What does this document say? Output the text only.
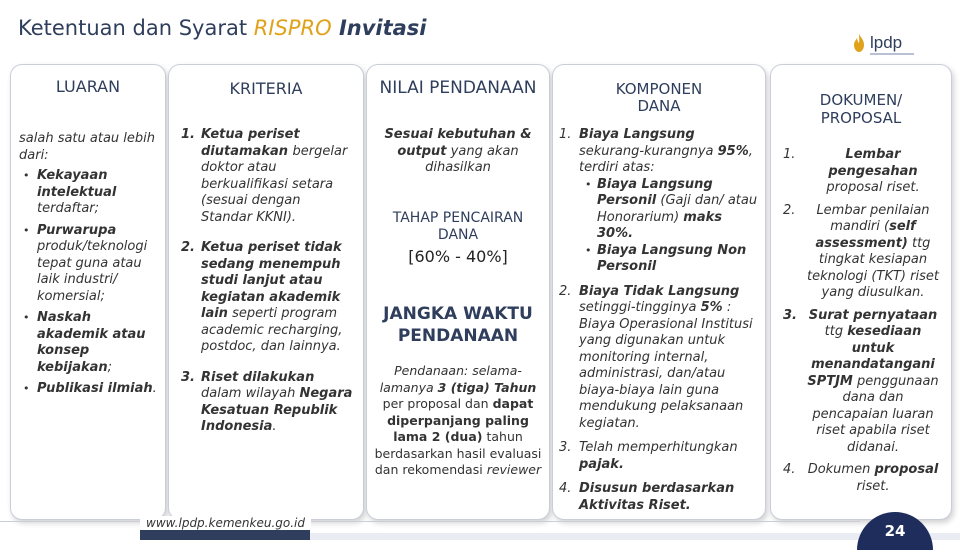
Ketentuan dan Syarat RISPRO Invitasi
lpdp
LUARAN
salah satu atau lebih dari:
• Kekayaan intelektual terdaftar;
• Purwarupa produk/teknologi tepat guna atau laik industri/ komersial;
• Naskah akademik atau konsep kebijakan;
• Publikasi ilmiah.
KRITERIA
1. Ketua periset diutamakan bergelar doktor atau berkualifikasi setara (sesuai dengan Standar KKNI).
2. Ketua periset tidak sedang menempuh studi lanjut atau kegiatan akademik lain seperti program academic recharging, postdoc, dan lainnya.
3. Riset dilakukan dalam wilayah Negara Kesatuan Republik Indonesia.
NILAI PENDANAAN
Sesuai kebutuhan & output yang akan dihasilkan
TAHAP PENCAIRAN DANA
[60% - 40%]
JANGKA WAKTU PENDANAAN
Pendanaan: selama-lamanya 3 (tiga) Tahun per proposal dan dapat diperpanjang paling lama 2 (dua) tahun berdasarkan hasil evaluasi dan rekomendasi reviewer
KOMPONEN DANA
1. Biaya Langsung sekurang-kurangnya 95%, terdiri atas:
• Biaya Langsung Personil (Gaji dan/ atau Honorarium) maks 30%.
• Biaya Langsung Non Personil
2. Biaya Tidak Langsung setinggi-tingginya 5% : Biaya Operasional Institusi yang digunakan untuk monitoring internal, administrasi, dan/atau biaya-biaya lain guna mendukung pelaksanaan kegiatan.
3. Telah memperhitungkan pajak.
4. Disusun berdasarkan Aktivitas Riset.
DOKUMEN/ PROPOSAL
1.	Lembar pengesahan proposal riset.
2. Lembar penilaian mandiri (self assessment) ttg tingkat kesiapan teknologi (TKT) riset yang diusulkan.
3. Surat pernyataan ttg kesediaan untuk menandatangani SPTJM penggunaan dana dan pencapaian luaran riset apabila riset didanai.
4. Dokumen proposal riset.
www.lpdp.kemenkeu.go.id	24
